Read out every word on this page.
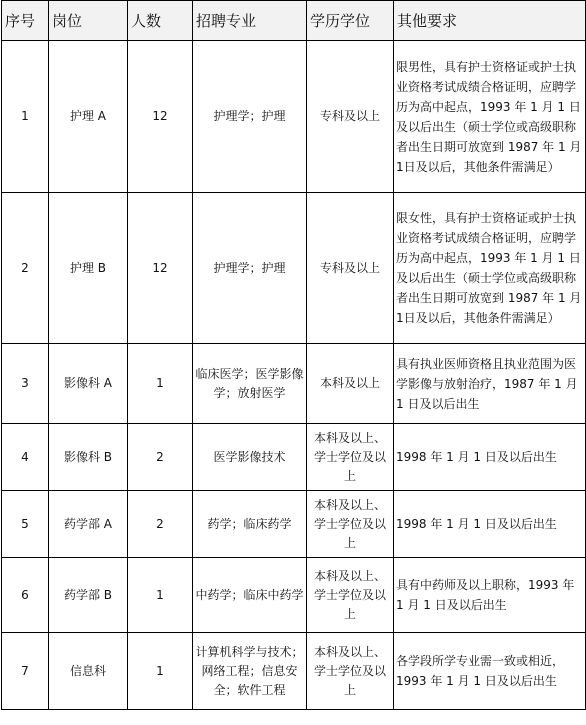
序号	岗位	人数	招聘专业	学历学位	其他要求
1	护理 A	12	护理学；护理	专科及以上	限男性，具有护士资格证或护士执业资格考试成绩合格证明，应聘学历为高中起点，1993 年 1 月 1 日及以后出生（硕士学位或高级职称者出生日期可放宽到 1987 年 1 月 1日及以后，其他条件需满足）
2	护理 B	12	护理学；护理	专科及以上	限女性，具有护士资格证或护士执业资格考试成绩合格证明，应聘学历为高中起点，1993 年 1 月 1 日及以后出生（硕士学位或高级职称者出生日期可放宽到 1987 年 1 月 1日及以后，其他条件需满足）
3	影像科 A	1	临床医学；医学影像学；放射医学	本科及以上	具有执业医师资格且执业范围为医学影像与放射治疗，1987 年 1 月 1 日及以后出生
4	影像科 B	2	医学影像技术	本科及以上、学士学位及以上	1998 年 1 月 1 日及以后出生
5	药学部 A	2	药学；临床药学	本科及以上、学士学位及以上	1998 年 1 月 1 日及以后出生
6	药学部 B	1	中药学；临床中药学	本科及以上、学士学位及以上	具有中药师及以上职称，1993 年 1 月 1 日及以后出生
7	信息科	1	计算机科学与技术；网络工程；信息安全；软件工程	本科及以上、学士学位及以上	各学段所学专业需一致或相近，1993 年 1 月 1 日及以后出生
